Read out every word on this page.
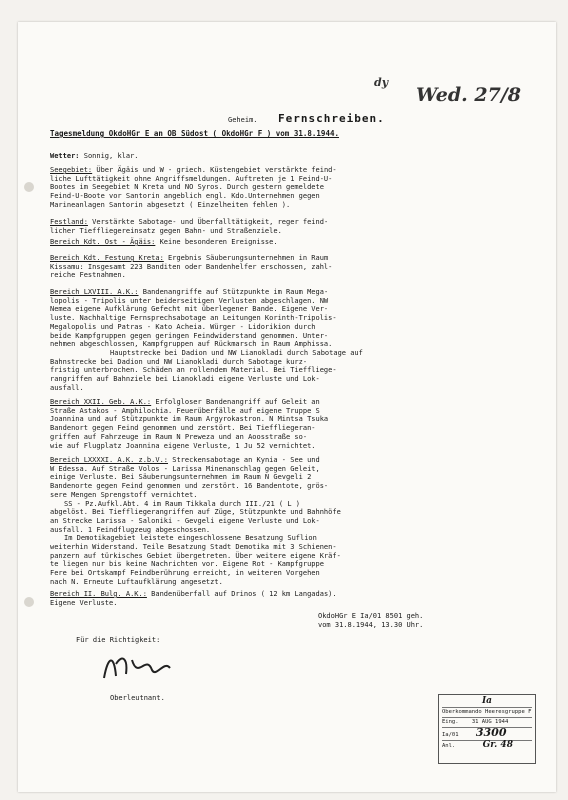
dy
Wed. 27/8
Geheim. Fernschreiben.
Tagesmeldung OkdoHGr E an OB Südost ( OkdoHGr F ) vom 31.8.1944.
Wetter: Sonnig, klar.
Seegebiet: Über Ägäis und W - griech. Küstengebiet verstärkte feind-
liche Lufttätigkeit ohne Angriffsmeldungen. Auftreten je 1 Feind-U-
Bootes im Seegebiet N Kreta und NO Syros. Durch gestern gemeldete
Feind-U-Boote vor Santorin angeblich engl. Kdo.Unternehmen gegen
Marineanlagen Santorin abgesetzt ( Einzelheiten fehlen ).
Festland: Verstärkte Sabotage- und Überfalltätigkeit, reger feind-
licher Tieffliegereinsatz gegen Bahn- und Straßenziele.
Bereich Kdt. Ost - Ägäis: Keine besonderen Ereignisse.
Bereich Kdt. Festung Kreta: Ergebnis Säuberungsunternehmen in Raum
Kissamu: Insgesamt 223 Banditen oder Bandenhelfer erschossen, zahl-
reiche Festnahmen.
Bereich LXVIII. A.K.: Bandenangriffe auf Stützpunkte im Raum Mega-
lopolis - Tripolis unter beiderseitigen Verlusten abgeschlagen. NW
Nemea eigene Aufklärung Gefecht mit überlegener Bande. Eigene Ver-
luste. Nachhaltige Fernsprechsabotage an Leitungen Korinth-Tripolis-
Megalopolis und Patras - Kato Acheia. Würger - Lidorikion durch
beide Kampfgruppen gegen geringen Feindwiderstand genommen. Unter-
nehmen abgeschlossen, Kampfgruppen auf Rückmarsch in Raum Amphissa.
Hauptstrecke bei Dadion und NW Lianokladi durch Sabotage auf
Bahnstrecke bei Dadion und NW Lianokladi durch Sabotage kurz-
fristig unterbrochen. Schäden an rollendem Material. Bei Tieffliege-
rangriffen auf Bahnziele bei Lianokladi eigene Verluste und Lok-
ausfall.
Bereich XXII. Geb. A.K.: Erfolgloser Bandenangriff auf Geleit an
Straße Astakos - Amphilochia. Feuerüberfälle auf eigene Truppe S
Joannina und auf Stützpunkte im Raum Argyrokastron. N Mintsa Tsuka
Bandenort gegen Feind genommen und zerstört. Bei Tieffliegeran-
griffen auf Fahrzeuge im Raum N Preweza und an Aoosstraße so-
wie auf Flugplatz Joannina eigene Verluste, 1 Ju 52 vernichtet.
Bereich LXXXXI. A.K. z.b.V.: Streckensabotage an Kynia - See und
W Edessa. Auf Straße Volos - Larissa Minenanschlag gegen Geleit,
einige Verluste. Bei Säuberungsunternehmen im Raum N Gevgeli 2
Bandenorte gegen Feind genommen und zerstört. 16 Bandentote, grös-
sere Mengen Sprengstoff vernichtet.
SS - Pz.Aufkl.Abt. 4 im Raum Tikkala durch III./21 ( L )
abgelöst. Bei Tieffliegerangriffen auf Züge, Stützpunkte und Bahnhöfe
an Strecke Larissa - Saloniki - Gevgeli eigene Verluste und Lok-
ausfall. 1 Feindflugzeug abgeschossen.
Im Demotikagebiet leistete eingeschlossene Besatzung Suflion
weiterhin Widerstand. Teile Besatzung Stadt Demotika mit 3 Schienen-
panzern auf türkisches Gebiet übergetreten. Über weitere eigene Kräf-
te liegen nur bis keine Nachrichten vor. Eigene Rot - Kampfgruppe
Fere bei Ortskampf Feindberührung erreicht, in weiteren Vorgehen
nach N. Erneute Luftaufklärung angesetzt.
Bereich II. Bulg. A.K.: Bandenüberfall auf Drinos ( 12 km Langadas).
Eigene Verluste.
OkdoHGr E Ia/01 8501 geh.
vom 31.8.1944, 13.30 Uhr.
Für die Richtigkeit:
Oberleutnant.	Ia
Oberkommando Heeresgruppe F
Eing. 31 AUG 1944
Ia/01 3300
Anl.	Gr. 48
